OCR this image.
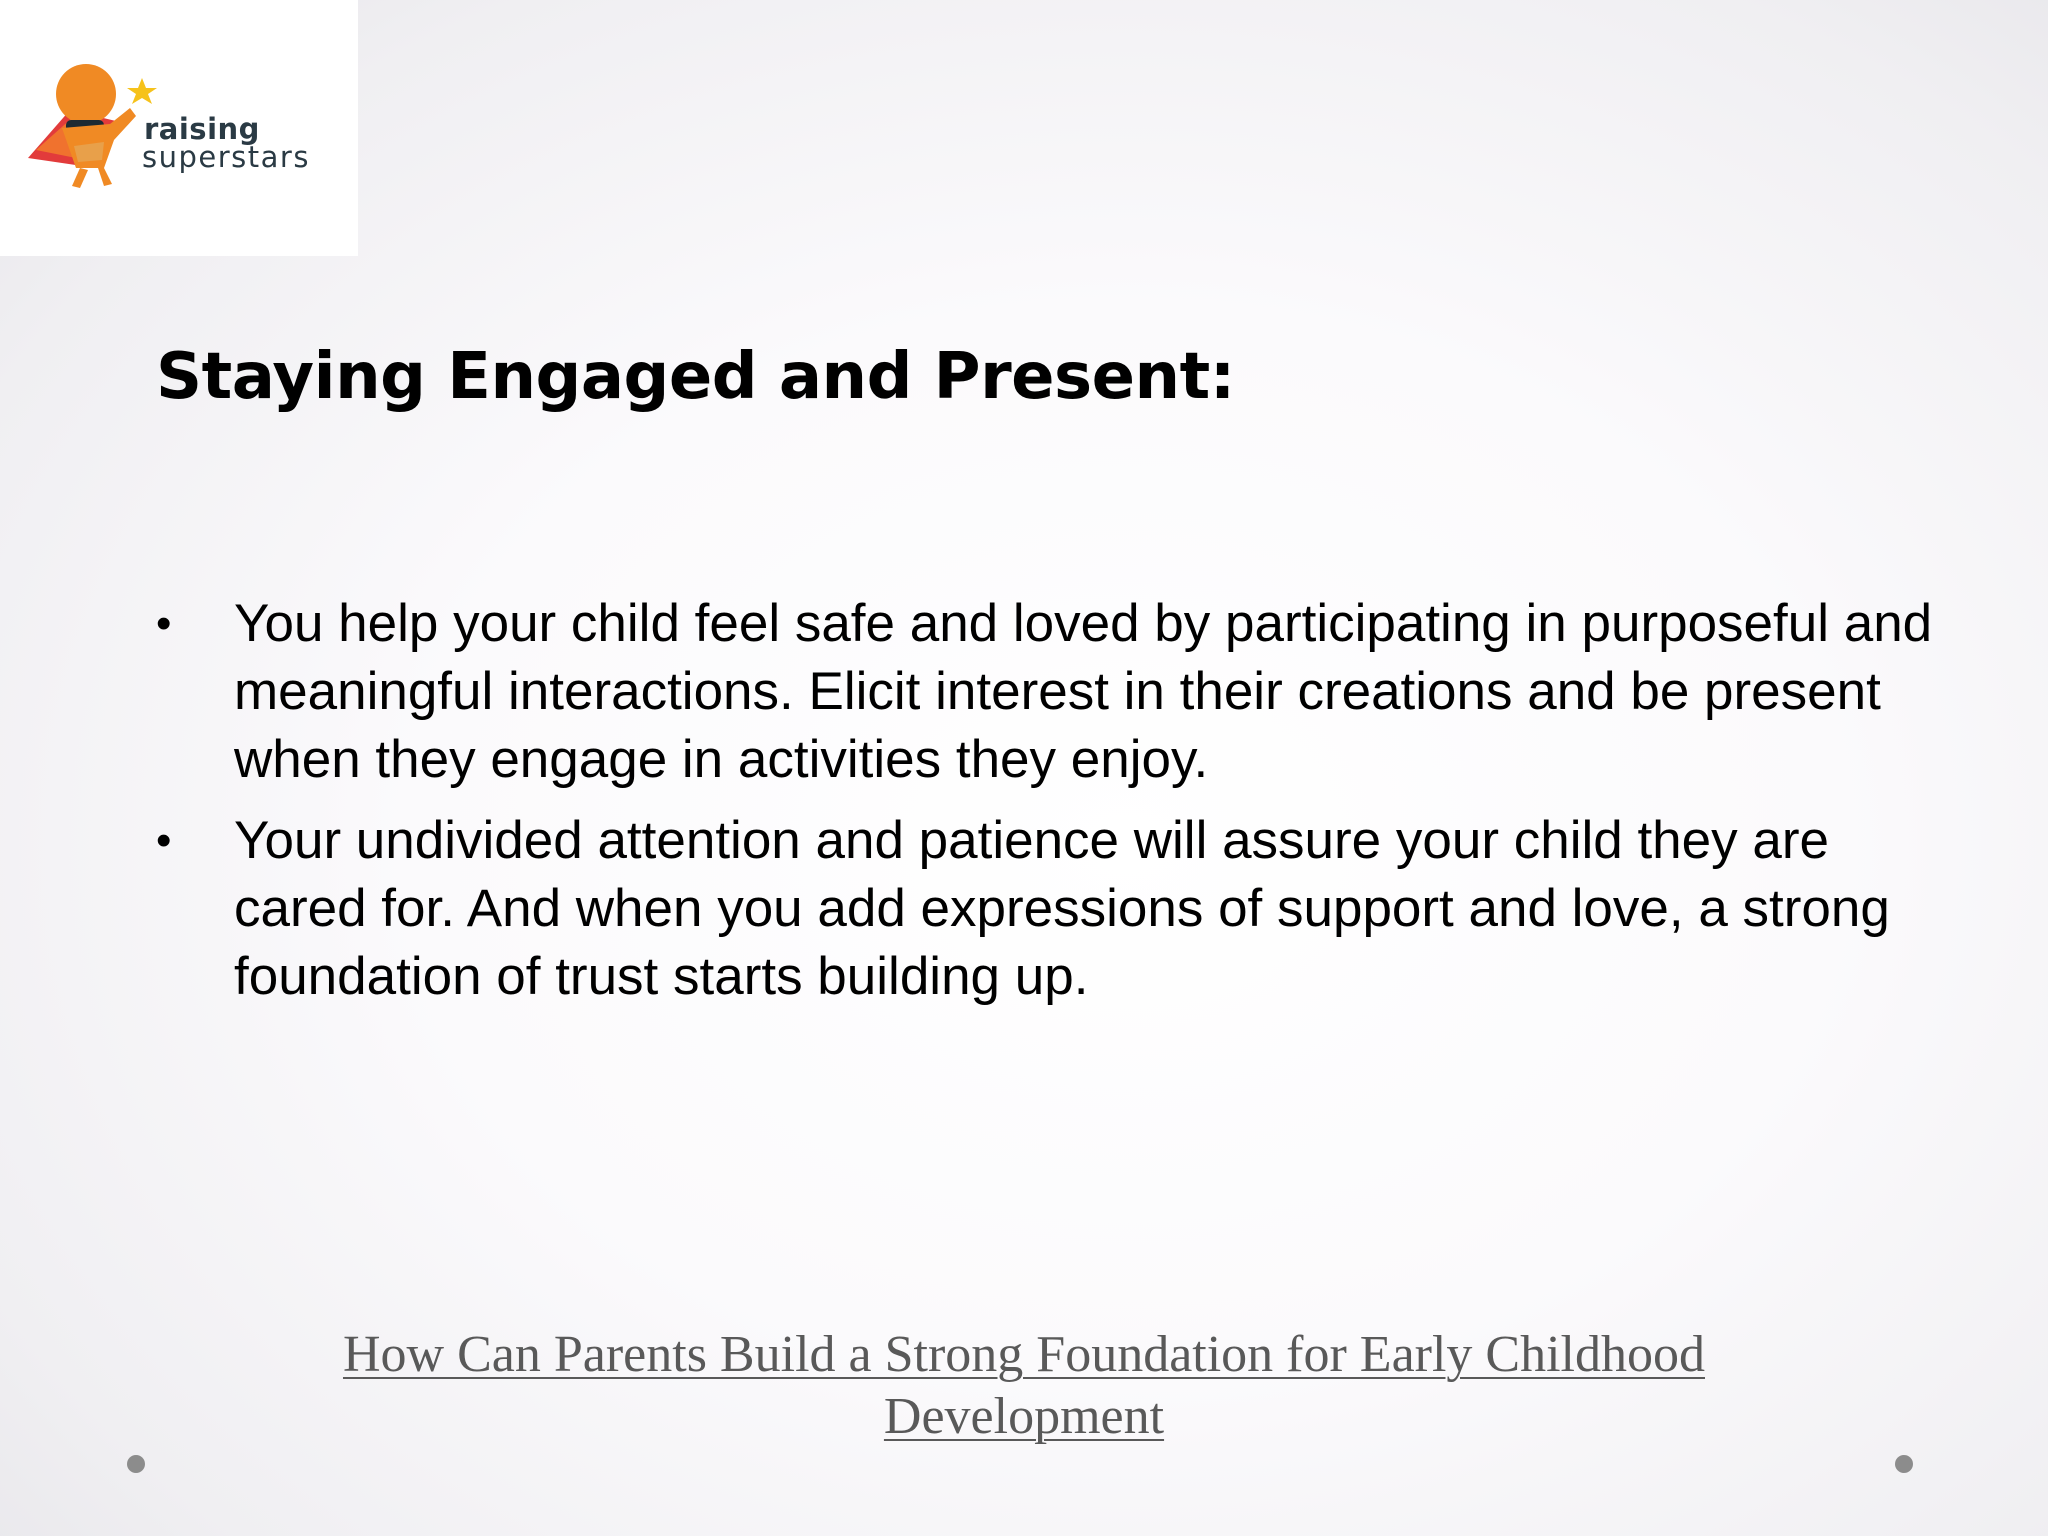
raising
superstars
Staying Engaged and Present:
• You help your child feel safe and loved by participating in purposeful and meaningful interactions. Elicit interest in their creations and be present when they engage in activities they enjoy.
• Your undivided attention and patience will assure your child they are cared for. And when you add expressions of support and love, a strong foundation of trust starts building up.
How Can Parents Build a Strong Foundation for Early Childhood Development
